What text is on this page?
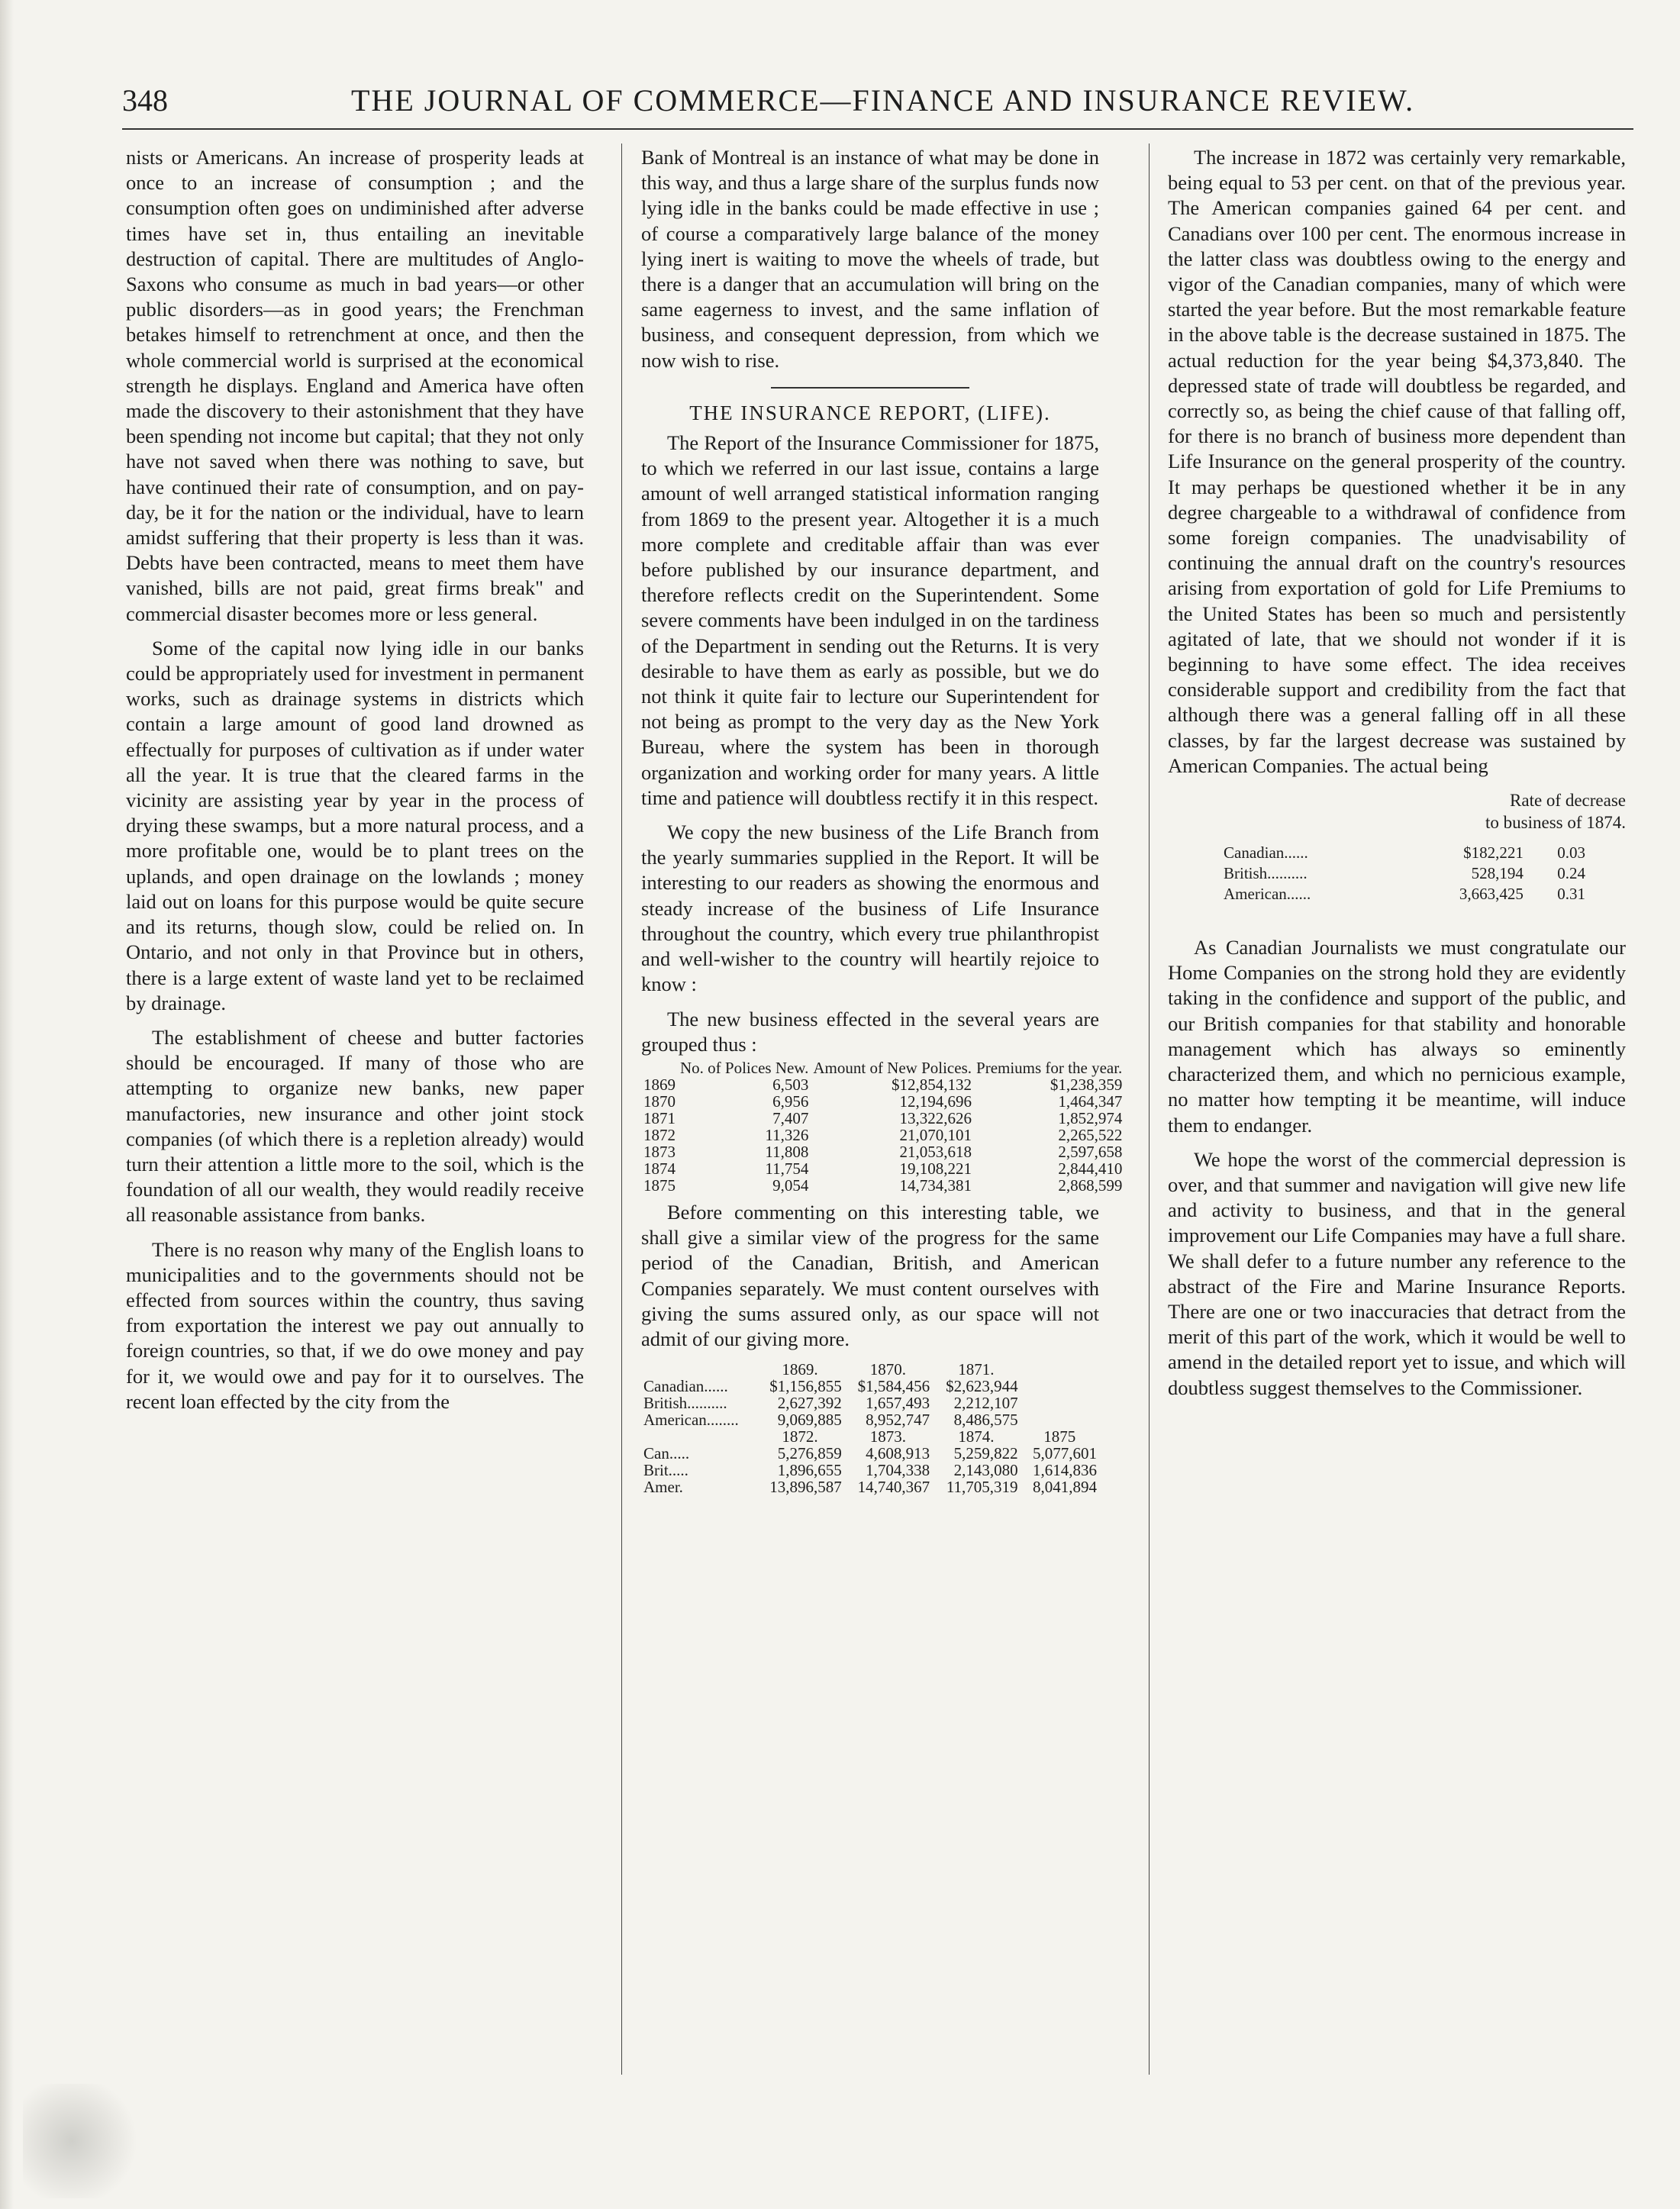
348	THE JOURNAL OF COMMERCE—FINANCE AND INSURANCE REVIEW.

nists or Americans. An increase of prosperity leads at once to an increase of consumption ; and the consumption often goes on undiminished after adverse times have set in, thus entailing an inevitable destruction of capital. There are multitudes of Anglo-Saxons who consume as much in bad years—or other public disorders—as in good years; the Frenchman betakes himself to retrenchment at once, and then the whole commercial world is surprised at the economical strength he displays. England and America have often made the discovery to their astonishment that they have been spending not income but capital; that they not only have not saved when there was nothing to save, but have continued their rate of consumption, and on pay-day, be it for the nation or the individual, have to learn amidst suffering that their property is less than it was. Debts have been contracted, means to meet them have vanished, bills are not paid, great firms break" and commercial disaster becomes more or less general.

Some of the capital now lying idle in our banks could be appropriately used for investment in permanent works, such as drainage systems in districts which contain a large amount of good land drowned as effectually for purposes of cultivation as if under water all the year. It is true that the cleared farms in the vicinity are assisting year by year in the process of drying these swamps, but a more natural process, and a more profitable one, would be to plant trees on the uplands, and open drainage on the lowlands ; money laid out on loans for this purpose would be quite secure and its returns, though slow, could be relied on. In Ontario, and not only in that Province but in others, there is a large extent of waste land yet to be reclaimed by drainage.

The establishment of cheese and butter factories should be encouraged. If many of those who are attempting to organize new banks, new paper manufactories, new insurance and other joint stock companies (of which there is a repletion already) would turn their attention a little more to the soil, which is the foundation of all our wealth, they would readily receive all reasonable assistance from banks.

There is no reason why many of the English loans to municipalities and to the governments should not be effected from sources within the country, thus saving from exportation the interest we pay out annually to foreign countries, so that, if we do owe money and pay for it, we would owe and pay for it to ourselves. The recent loan effected by the city from the

Bank of Montreal is an instance of what may be done in this way, and thus a large share of the surplus funds now lying idle in the banks could be made effective in use ; of course a comparatively large balance of the money lying inert is waiting to move the wheels of trade, but there is a danger that an accumulation will bring on the same eagerness to invest, and the same inflation of business, and consequent depression, from which we now wish to rise.

THE INSURANCE REPORT, (LIFE).

The Report of the Insurance Commissioner for 1875, to which we referred in our last issue, contains a large amount of well arranged statistical information ranging from 1869 to the present year. Altogether it is a much more complete and creditable affair than was ever before published by our insurance department, and therefore reflects credit on the Superintendent. Some severe comments have been indulged in on the tardiness of the Department in sending out the Returns. It is very desirable to have them as early as possible, but we do not think it quite fair to lecture our Superintendent for not being as prompt to the very day as the New York Bureau, where the system has been in thorough organization and working order for many years. A little time and patience will doubtless rectify it in this respect.

We copy the new business of the Life Branch from the yearly summaries supplied in the Report. It will be interesting to our readers as showing the enormous and steady increase of the business of Life Insurance throughout the country, which every true philanthropist and well-wisher to the country will heartily rejoice to know :

The new business effected in the several years are grouped thus :

	No. of Polices New.	Amount of New Polices.	Premiums for the year.
1869	6,503	$12,854,132	$1,238,359
1870	6,956	12,194,696	1,464,347
1871	7,407	13,322,626	1,852,974
1872	11,326	21,070,101	2,265,522
1873	11,808	21,053,618	2,597,658
1874	11,754	19,108,221	2,844,410
1875	9,054	14,734,381	2,868,599

Before commenting on this interesting table, we shall give a similar view of the progress for the same period of the Canadian, British, and American Companies separately. We must content ourselves with giving the sums assured only, as our space will not admit of our giving more.

	1869.	1870.	1871.	
Canadian......	$1,156,855	$1,584,456	$2,623,944	
British..........	2,627,392	1,657,493	2,212,107	
American........	9,069,885	8,952,747	8,486,575	
	1872.	1873.	1874.	1875
Can.....	5,276,859	4,608,913	5,259,822	5,077,601
Brit.....	1,896,655	1,704,338	2,143,080	1,614,836
Amer.	13,896,587	14,740,367	11,705,319	8,041,894

The increase in 1872 was certainly very remarkable, being equal to 53 per cent. on that of the previous year. The American companies gained 64 per cent. and Canadians over 100 per cent. The enormous increase in the latter class was doubtless owing to the energy and vigor of the Canadian companies, many of which were started the year before. But the most remarkable feature in the above table is the decrease sustained in 1875. The actual reduction for the year being $4,373,840. The depressed state of trade will doubtless be regarded, and correctly so, as being the chief cause of that falling off, for there is no branch of business more dependent than Life Insurance on the general prosperity of the country. It may perhaps be questioned whether it be in any degree chargeable to a withdrawal of confidence from some foreign companies. The unadvisability of continuing the annual draft on the country's resources arising from exportation of gold for Life Premiums to the United States has been so much and persistently agitated of late, that we should not wonder if it is beginning to have some effect. The idea receives considerable support and credibility from the fact that although there was a general falling off in all these classes, by far the largest decrease was sustained by American Companies. The actual being

Rate of decrease
to business of 1874.
Canadian......	$182,221	0.03
British..........	528,194	0.24
American......	3,663,425	0.31

As Canadian Journalists we must congratulate our Home Companies on the strong hold they are evidently taking in the confidence and support of the public, and our British companies for that stability and honorable management which has always so eminently characterized them, and which no pernicious example, no matter how tempting it be meantime, will induce them to endanger.

We hope the worst of the commercial depression is over, and that summer and navigation will give new life and activity to business, and that in the general improvement our Life Companies may have a full share. We shall defer to a future number any reference to the abstract of the Fire and Marine Insurance Reports. There are one or two inaccuracies that detract from the merit of this part of the work, which it would be well to amend in the detailed report yet to issue, and which will doubtless suggest themselves to the Commissioner.
